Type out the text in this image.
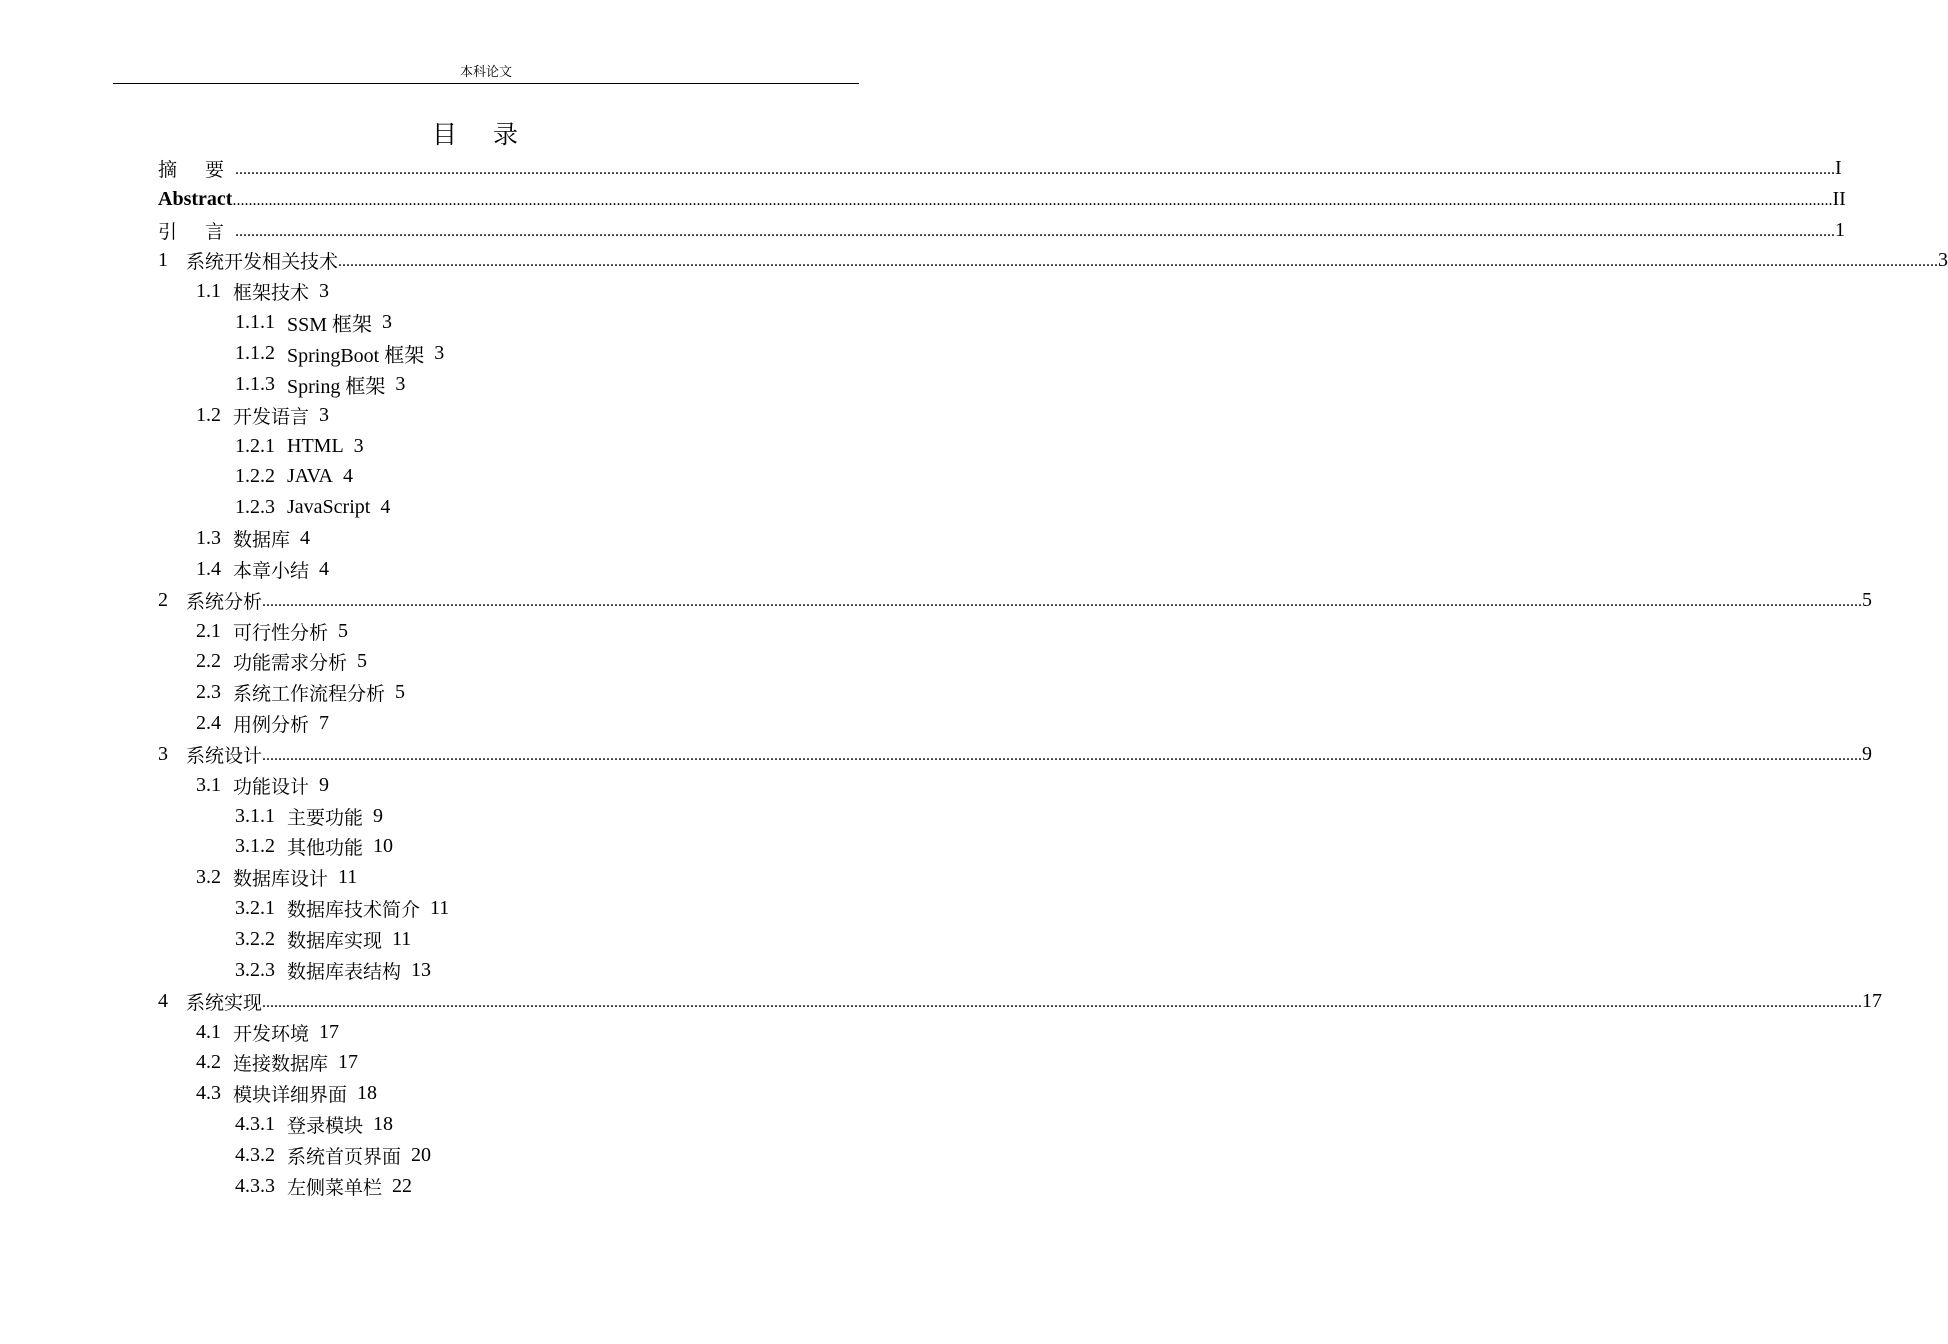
本科论文
目 录
摘 要 ................................................................................................................................................................................................................................................................................................................................................................................................................ I
Abstract ................................................................................................................................................................................................................................................................................................................................................................................................................ II
引 言 ................................................................................................................................................................................................................................................................................................................................................................................................................ 1
1 系统开发相关技术 ................................................................................................................................................................................................................................................................................................................................................................................................................ 3
1.1 框架技术 3
1.1.1 SSM 框架 3
1.1.2 SpringBoot 框架 3
1.1.3 Spring 框架 3
1.2 开发语言 3
1.2.1 HTML 3
1.2.2 JAVA 4
1.2.3 JavaScript 4
1.3 数据库 4
1.4 本章小结 4
2 系统分析 ................................................................................................................................................................................................................................................................................................................................................................................................................ 5
2.1 可行性分析 5
2.2 功能需求分析 5
2.3 系统工作流程分析 5
2.4 用例分析 7
3 系统设计 ................................................................................................................................................................................................................................................................................................................................................................................................................ 9
3.1 功能设计 9
3.1.1 主要功能 9
3.1.2 其他功能 10
3.2 数据库设计 11
3.2.1 数据库技术简介 11
3.2.2 数据库实现 11
3.2.3 数据库表结构 13
4 系统实现 ................................................................................................................................................................................................................................................................................................................................................................................................................ 17
4.1 开发环境 17
4.2 连接数据库 17
4.3 模块详细界面 18
4.3.1 登录模块 18
4.3.2 系统首页界面 20
4.3.3 左侧菜单栏 22
